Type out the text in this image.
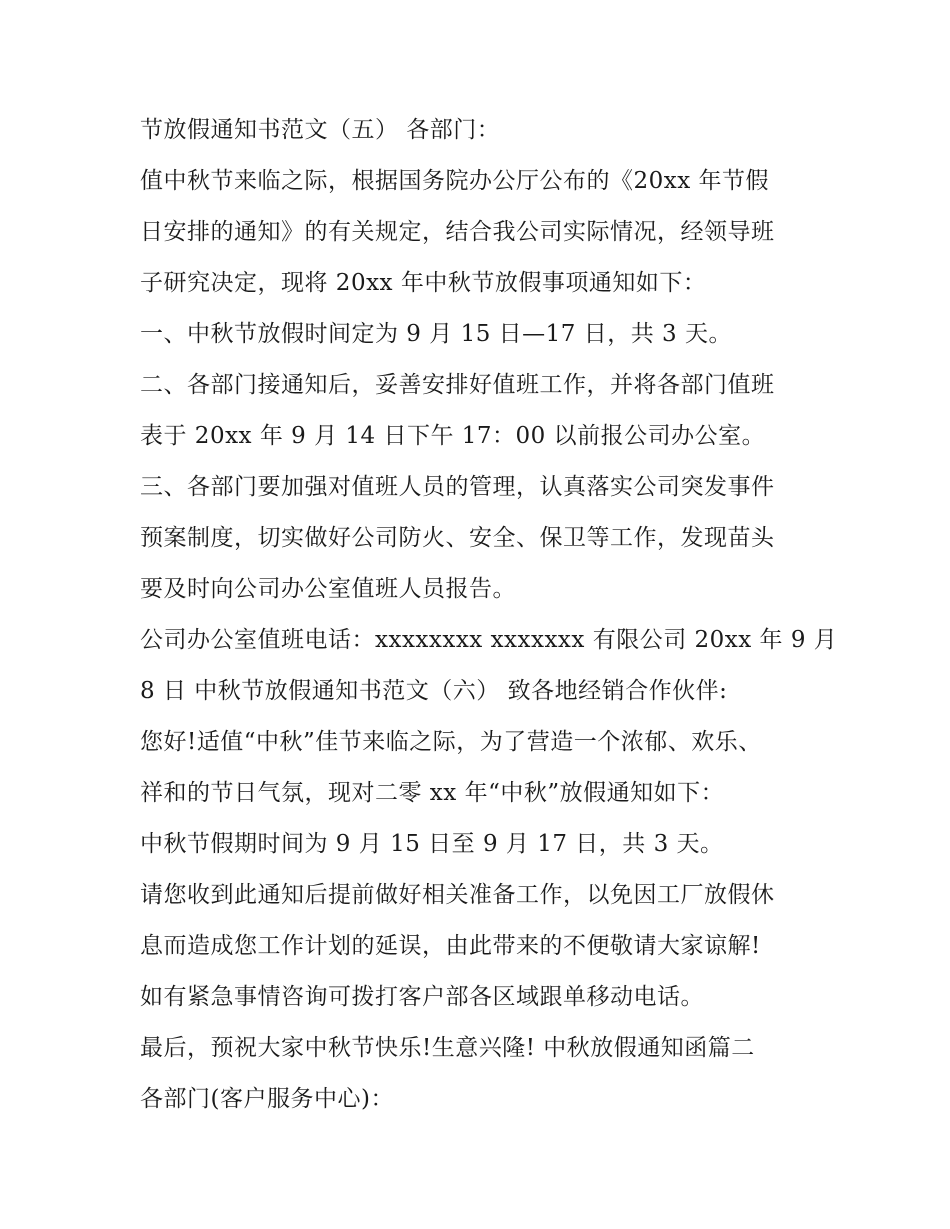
节放假通知书范文（五） 各部门：
值中秋节来临之际，根据国务院办公厅公布的《20xx 年节假
日安排的通知》的有关规定，结合我公司实际情况，经领导班
子研究决定，现将 20xx 年中秋节放假事项通知如下：
一、中秋节放假时间定为 9 月 15 日—17 日，共 3 天。
二、各部门接通知后，妥善安排好值班工作，并将各部门值班
表于 20xx 年 9 月 14 日下午 17：00 以前报公司办公室。
三、各部门要加强对值班人员的管理，认真落实公司突发事件
预案制度，切实做好公司防火、安全、保卫等工作，发现苗头
要及时向公司办公室值班人员报告。
公司办公室值班电话：xxxxxxxx xxxxxxx 有限公司 20xx 年 9 月
8 日 中秋节放假通知书范文（六） 致各地经销合作伙伴:
您好!适值“中秋”佳节来临之际，为了营造一个浓郁、欢乐、
祥和的节日气氛，现对二零 xx 年“中秋”放假通知如下：
中秋节假期时间为 9 月 15 日至 9 月 17 日，共 3 天。
请您收到此通知后提前做好相关准备工作，以免因工厂放假休
息而造成您工作计划的延误，由此带来的不便敬请大家谅解!
如有紧急事情咨询可拨打客户部各区域跟单移动电话。
最后，预祝大家中秋节快乐!生意兴隆! 中秋放假通知函篇二
各部门(客户服务中心)：
